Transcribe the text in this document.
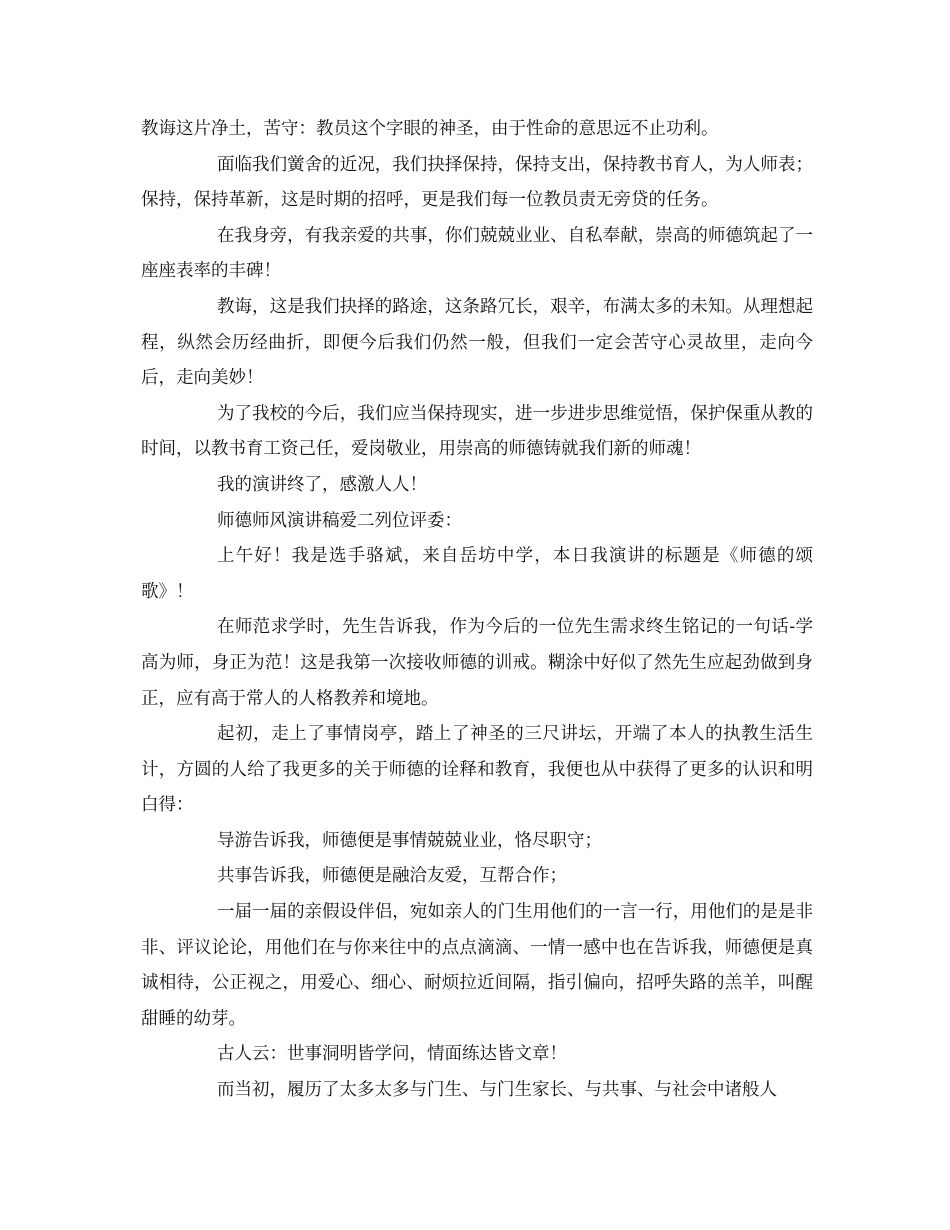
教诲这片净土，苦守：教员这个字眼的神圣，由于性命的意思远不止功利。

面临我们黉舍的近况，我们抉择保持，保持支出，保持教书育人，为人师表；保持，保持革新，这是时期的招呼，更是我们每一位教员责无旁贷的任务。

在我身旁，有我亲爱的共事，你们兢兢业业、自私奉献，崇高的师德筑起了一座座表率的丰碑！

教诲，这是我们抉择的路途，这条路冗长，艰辛，布满太多的未知。从理想起程，纵然会历经曲折，即便今后我们仍然一般，但我们一定会苦守心灵故里，走向今后，走向美妙！

为了我校的今后，我们应当保持现实，进一步进步思维觉悟，保护保重从教的时间，以教书育工资己任，爱岗敬业，用崇高的师德铸就我们新的师魂！

我的演讲终了，感激人人！

师德师风演讲稿爱二列位评委：

上午好！我是选手骆斌，来自岳坊中学，本日我演讲的标题是《师德的颂歌》！

在师范求学时，先生告诉我，作为今后的一位先生需求终生铭记的一句话-学高为师，身正为范！这是我第一次接收师德的训戒。糊涂中好似了然先生应起劲做到身正，应有高于常人的人格教养和境地。

起初，走上了事情岗亭，踏上了神圣的三尺讲坛，开端了本人的执教生活生计，方圆的人给了我更多的关于师德的诠释和教育，我便也从中获得了更多的认识和明白得：

导游告诉我，师德便是事情兢兢业业，恪尽职守；

共事告诉我，师德便是融洽友爱，互帮合作；

一届一届的亲假设伴侣，宛如亲人的门生用他们的一言一行，用他们的是是非非、评议论论，用他们在与你来往中的点点滴滴、一情一感中也在告诉我，师德便是真诚相待，公正视之，用爱心、细心、耐烦拉近间隔，指引偏向，招呼失路的羔羊，叫醒甜睡的幼芽。

古人云：世事洞明皆学问，情面练达皆文章！

而当初，履历了太多太多与门生、与门生家长、与共事、与社会中诸般人
